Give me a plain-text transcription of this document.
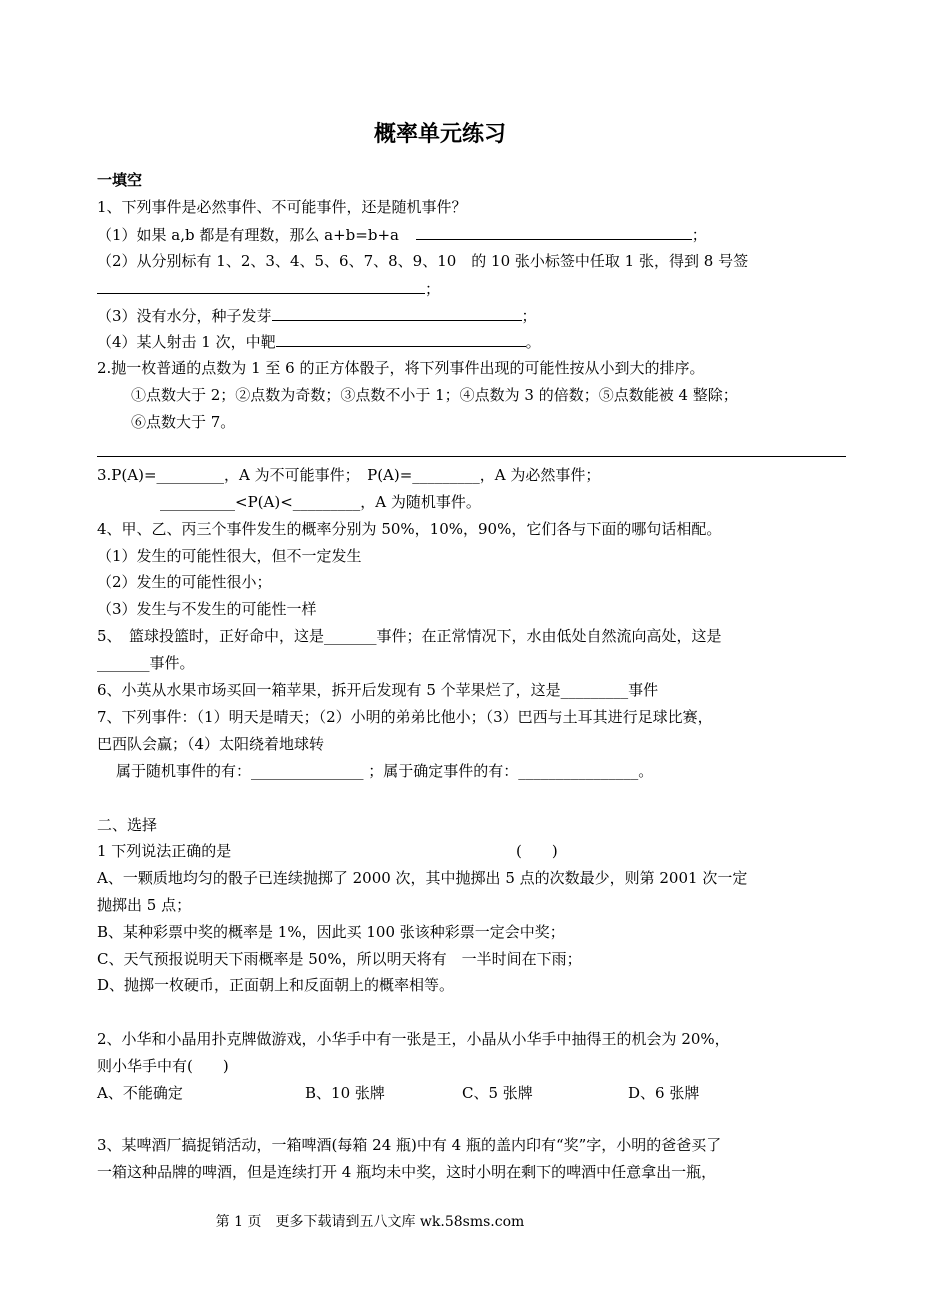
概率单元练习
一填空
1、下列事件是必然事件、不可能事件，还是随机事件？
（1）如果 a,b 都是有理数，那么 a+b=b+a	；
（2）从分别标有 1、2、3、4、5、6、7、8、9、10　的 10 张小标签中任取 1 张，得到 8 号签
；
（3）没有水分，种子发芽	；
（4）某人射击 1 次，中靶	。
2.抛一枚普通的点数为 1 至 6 的正方体骰子，将下列事件出现的可能性按从小到大的排序。
①点数大于 2；②点数为奇数；③点数不小于 1；④点数为 3 的倍数；⑤点数能被 4 整除；
⑥点数大于 7。
3.P(A)=_________，A 为不可能事件；　P(A)=_________，A 为必然事件；
__________<P(A)<_________，A 为随机事件。
4、甲、乙、丙三个事件发生的概率分别为 50%，10%，90%，它们各与下面的哪句话相配。
（1）发生的可能性很大，但不一定发生
（2）发生的可能性很小；
（3）发生与不发生的可能性一样
5、　篮球投篮时，正好命中，这是_______事件；在正常情况下，水由低处自然流向高处，这是
_______事件。
6、小英从水果市场买回一箱苹果，拆开后发现有 5 个苹果烂了，这是_________事件
7、下列事件：（1）明天是晴天；（2）小明的弟弟比他小；（3）巴西与土耳其进行足球比赛，
巴西队会赢；（4）太阳绕着地球转
属于随机事件的有：_______________ ；属于确定事件的有：________________。
二、选择
1 下列说法正确的是	(　　)
A、一颗质地均匀的骰子已连续抛掷了 2000 次，其中抛掷出 5 点的次数最少，则第 2001 次一定
抛掷出 5 点；
B、某种彩票中奖的概率是 1%，因此买 100 张该种彩票一定会中奖；
C、天气预报说明天下雨概率是 50%，所以明天将有　一半时间在下雨；
D、抛掷一枚硬币，正面朝上和反面朝上的概率相等。
2、小华和小晶用扑克牌做游戏，小华手中有一张是王，小晶从小华手中抽得王的机会为 20%，
则小华手中有(　　)
A、不能确定	B、10 张牌	C、5 张牌	D、6 张牌
3、某啤酒厂搞捉销活动，一箱啤酒(每箱 24 瓶)中有 4 瓶的盖内印有“奖”字，小明的爸爸买了
一箱这种品牌的啤酒，但是连续打开 4 瓶均未中奖，这时小明在剩下的啤酒中任意拿出一瓶，
第 1 页　更多下载请到五八文库 wk.58sms.com
